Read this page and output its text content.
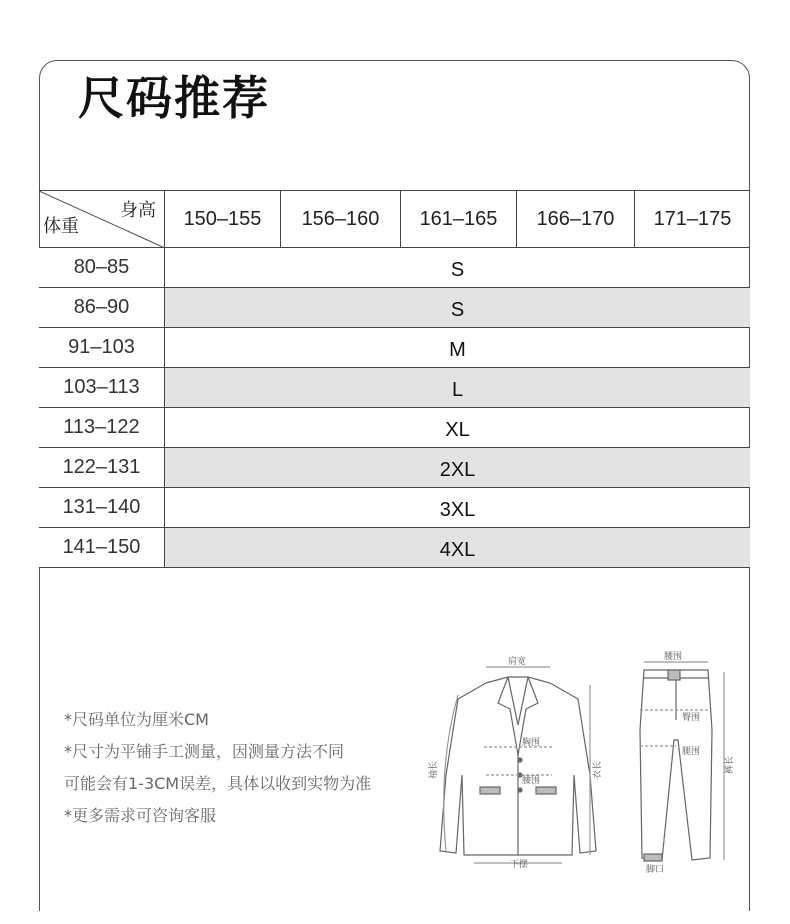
尺码推荐
身高
体重	150–155	156–160	161–165	166–170	171–175
80–85	S
86–90	S
91–103	M
103–113	L
113–122	XL
122–131	2XL
131–140	3XL
141–150	4XL
*尺码单位为厘米CM
*尺寸为平铺手工测量，因测量方法不同
可能会有1-3CM误差，具体以收到实物为准
*更多需求可咨询客服
肩宽
胸围
腰围
下摆
袖长	衣长
腰围
臀围
腿围
脚口
裤长
